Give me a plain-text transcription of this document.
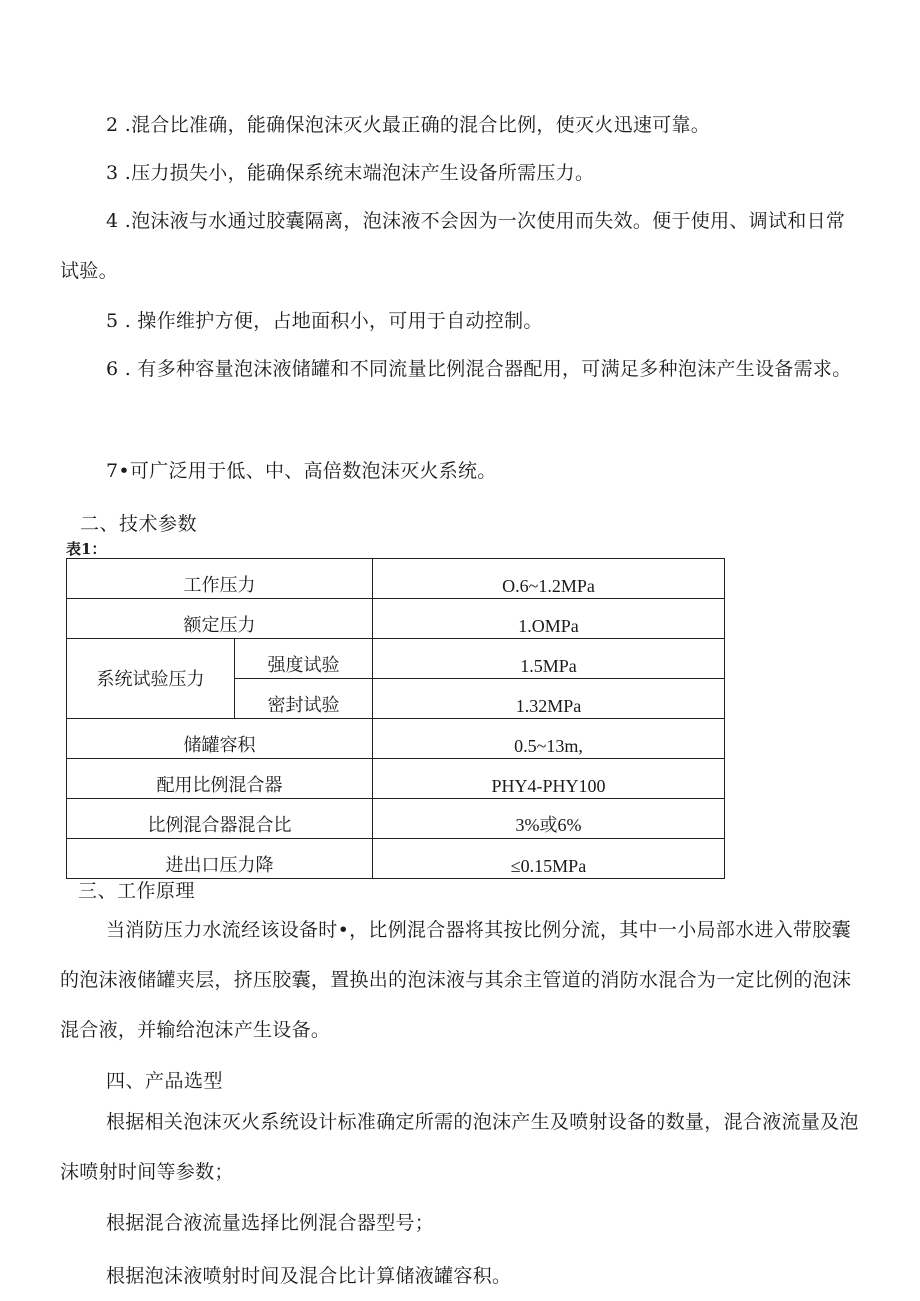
2 .混合比准确，能确保泡沫灭火最正确的混合比例，使灭火迅速可靠。

3 .压力损失小，能确保系统末端泡沫产生设备所需压力。

4 .泡沫液与水通过胶囊隔离，泡沫液不会因为一次使用而失效。便于使用、调试和日常试验。

5 . 操作维护方便，占地面积小，可用于自动控制。

6 . 有多种容量泡沫液储罐和不同流量比例混合器配用，可满足多种泡沫产生设备需求。

7•可广泛用于低、中、高倍数泡沫灭火系统。

二、技术参数

表1：
工作压力		O.6~1.2MPa
额定压力		1.OMPa
系统试验压力	强度试验	1.5MPa
	密封试验	1.32MPa
储罐容积		0.5~13m,
配用比例混合器		PHY4-PHY100
比例混合器混合比		3%或6%
进出口压力降		≤0.15MPa

三、工作原理

当消防压力水流经该设备时•，比例混合器将其按比例分流，其中一小局部水进入带胶囊的泡沫液储罐夹层，挤压胶囊，置换出的泡沫液与其余主管道的消防水混合为一定比例的泡沫混合液，并输给泡沫产生设备。

四、产品选型

根据相关泡沫灭火系统设计标准确定所需的泡沫产生及喷射设备的数量，混合液流量及泡沫喷射时间等参数；

根据混合液流量选择比例混合器型号；

根据泡沫液喷射时间及混合比计算储液罐容积。
